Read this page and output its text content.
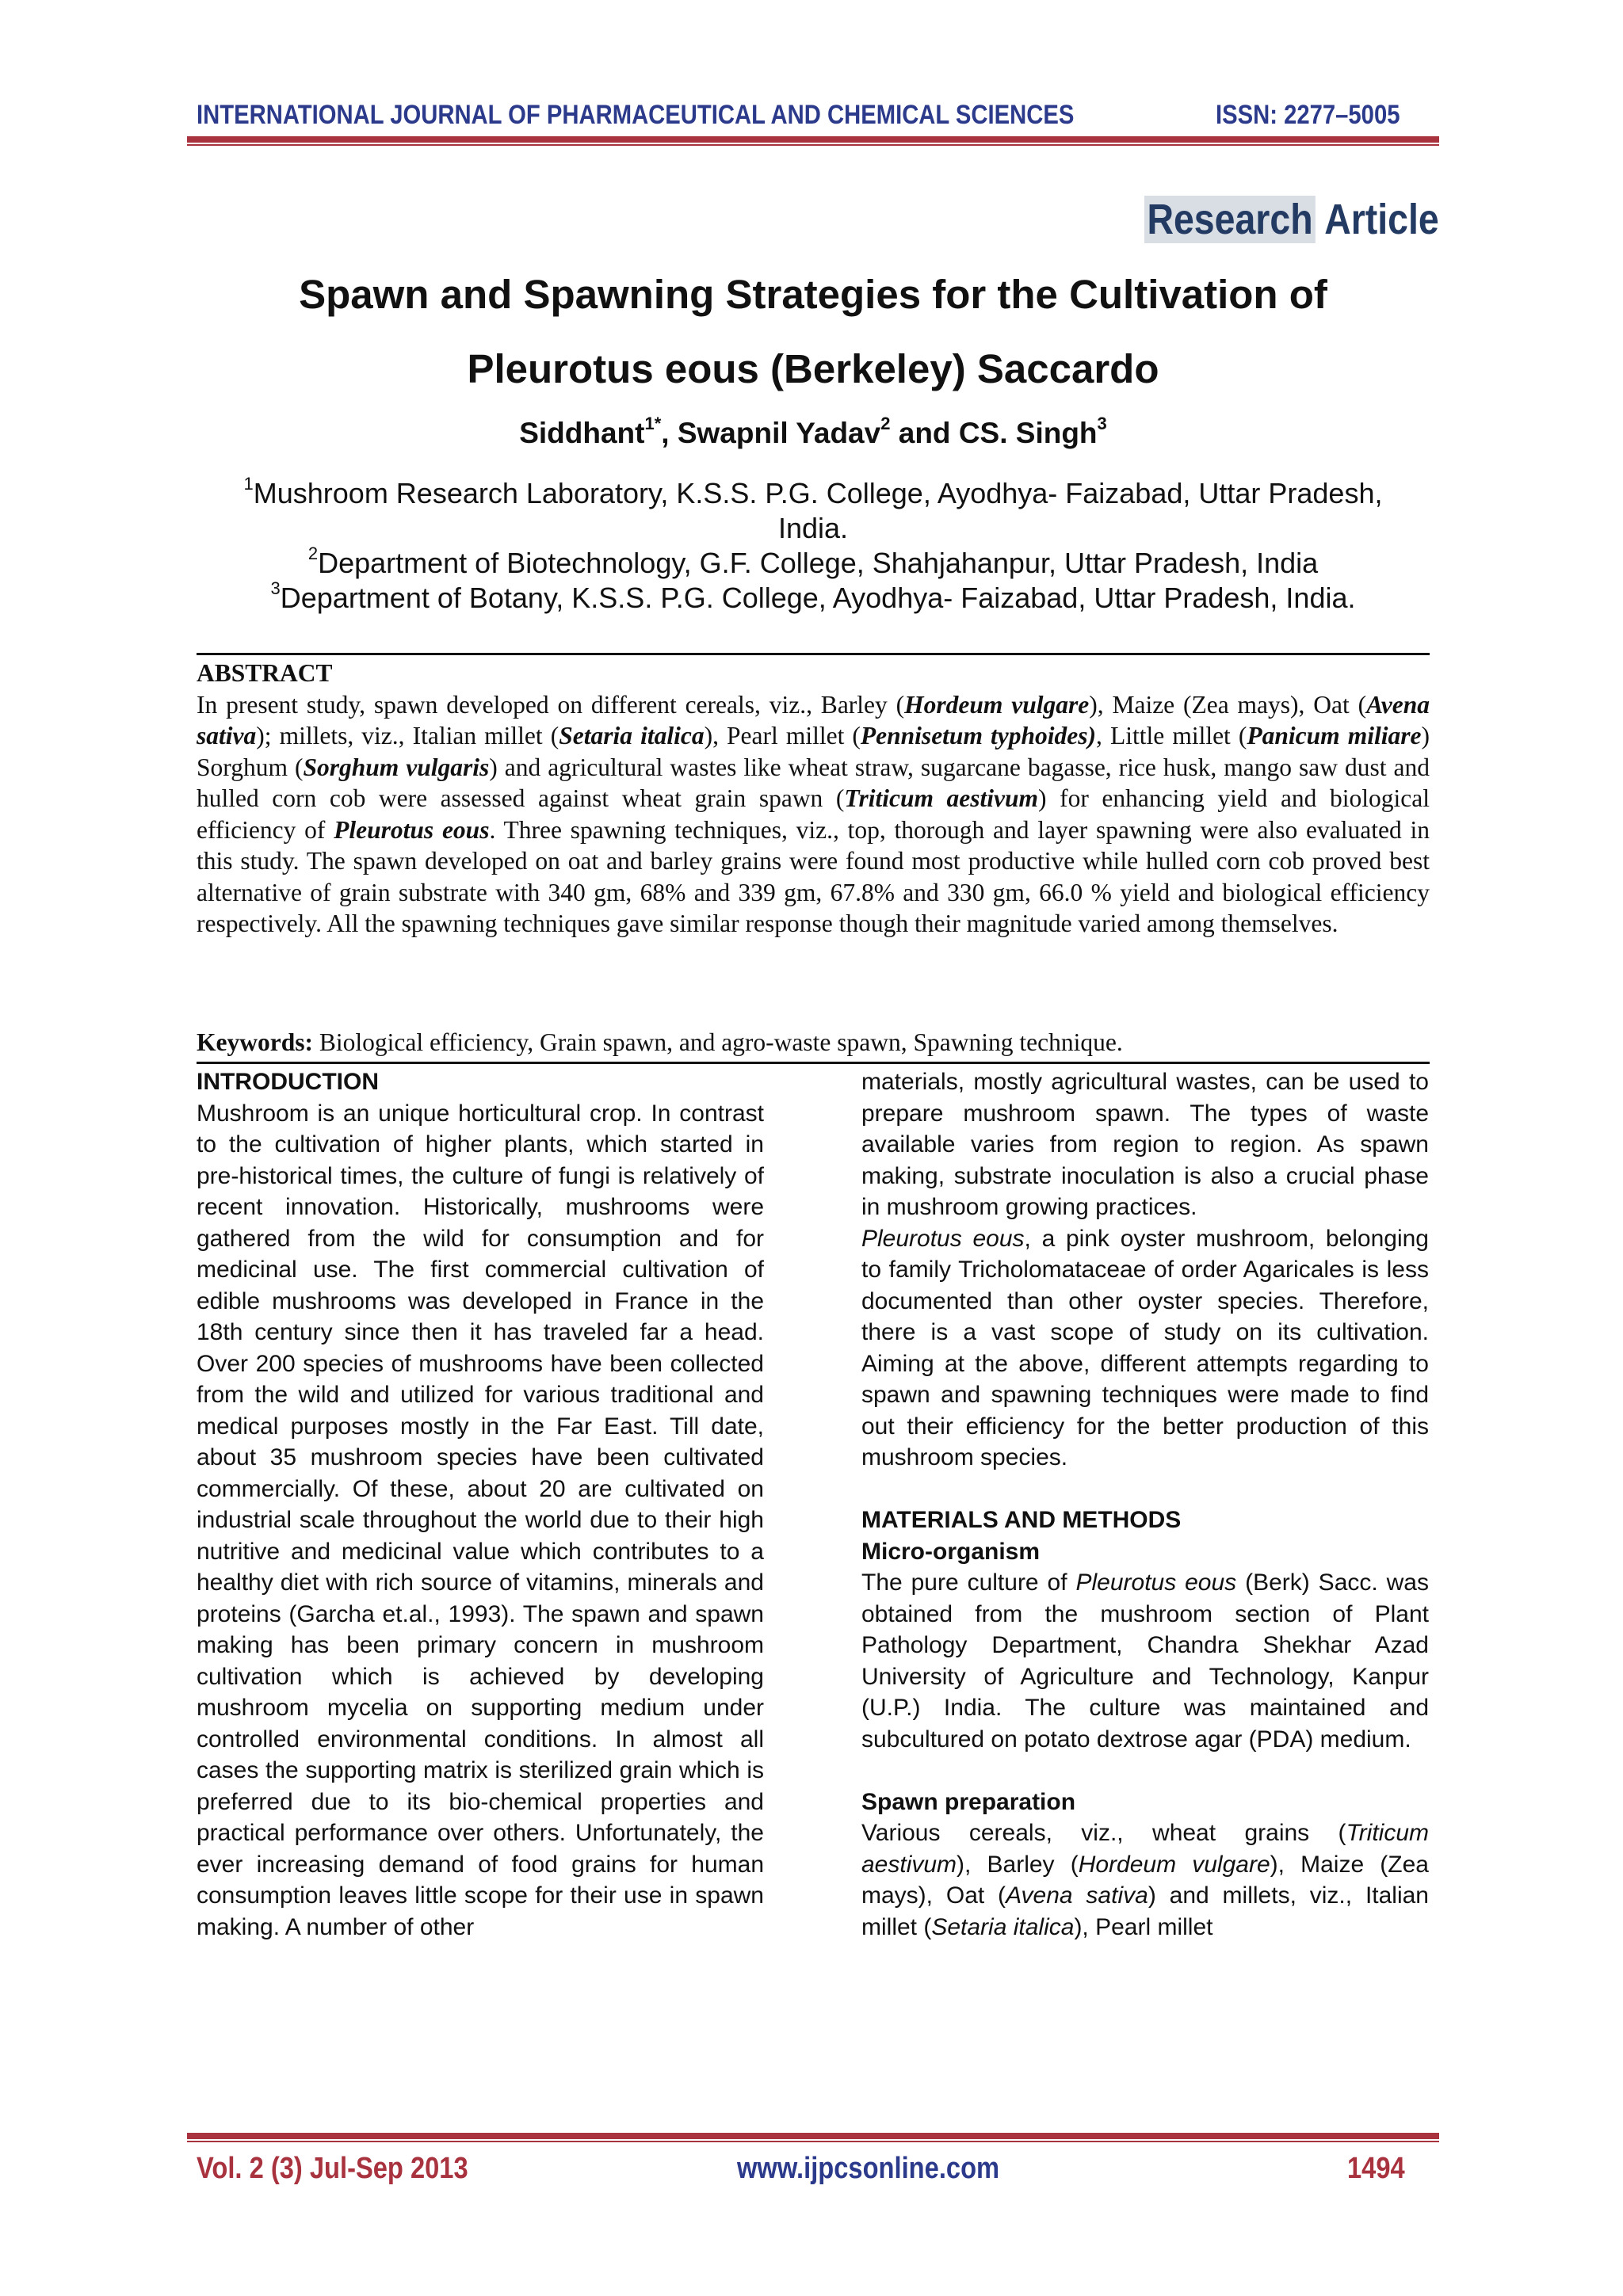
INTERNATIONAL JOURNAL OF PHARMACEUTICAL AND CHEMICAL SCIENCES	ISSN: 2277–5005
Research Article
Spawn and Spawning Strategies for the Cultivation of
Pleurotus eous (Berkeley) Saccardo
Siddhant$^{1*}$, Swapnil Yadav$^2$ and CS. Singh$^3$
$^1$Mushroom Research Laboratory, K.S.S. P.G. College, Ayodhya- Faizabad, Uttar Pradesh,
India.
$^2$Department of Biotechnology, G.F. College, Shahjahanpur, Uttar Pradesh, India
$^3$Department of Botany, K.S.S. P.G. College, Ayodhya- Faizabad, Uttar Pradesh, India.
ABSTRACT
In present study, spawn developed on different cereals, viz., Barley (Hordeum vulgare), Maize (Zea mays), Oat (Avena sativa); millets, viz., Italian millet (Setaria italica), Pearl millet (Pennisetum typhoides), Little millet (Panicum miliare) Sorghum (Sorghum vulgaris) and agricultural wastes like wheat straw, sugarcane bagasse, rice husk, mango saw dust and hulled corn cob were assessed against wheat grain spawn (Triticum aestivum) for enhancing yield and biological efficiency of Pleurotus eous. Three spawning techniques, viz., top, thorough and layer spawning were also evaluated in this study. The spawn developed on oat and barley grains were found most productive while hulled corn cob proved best alternative of grain substrate with 340 gm, 68% and 339 gm, 67.8% and 330 gm, 66.0 % yield and biological efficiency respectively. All the spawning techniques gave similar response though their magnitude varied among themselves.
Keywords: Biological efficiency, Grain spawn, and agro-waste spawn, Spawning technique.
INTRODUCTION

Mushroom is an unique horticultural crop. In contrast to the cultivation of higher plants, which started in pre-historical times, the culture of fungi is relatively of recent innovation. Historically, mushrooms were gathered from the wild for consumption and for medicinal use. The first commercial cultivation of edible mushrooms was developed in France in the 18th century since then it has traveled far a head. Over 200 species of mushrooms have been collected from the wild and utilized for various traditional and medical purposes mostly in the Far East. Till date, about 35 mushroom species have been cultivated commercially. Of these, about 20 are cultivated on industrial scale throughout the world due to their high nutritive and medicinal value which contributes to a healthy diet with rich source of vitamins, minerals and proteins (Garcha et.al., 1993). The spawn and spawn making has been primary concern in mushroom cultivation which is achieved by developing mushroom mycelia on supporting medium under controlled environmental conditions. In almost all cases the supporting matrix is sterilized grain which is preferred due to its bio-chemical properties and practical performance over others. Unfortunately, the ever increasing demand of food grains for human consumption leaves little scope for their use in spawn making. A number of other

materials, mostly agricultural wastes, can be used to prepare mushroom spawn. The types of waste available varies from region to region. As spawn making, substrate inoculation is also a crucial phase in mushroom growing practices.

Pleurotus eous, a pink oyster mushroom, belonging to family Tricholomataceae of order Agaricales is less documented than other oyster species. Therefore, there is a vast scope of study on its cultivation. Aiming at the above, different attempts regarding to spawn and spawning techniques were made to find out their efficiency for the better production of this mushroom species.

MATERIALS AND METHODS
Micro-organism

The pure culture of Pleurotus eous (Berk) Sacc. was obtained from the mushroom section of Plant Pathology Department, Chandra Shekhar Azad University of Agriculture and Technology, Kanpur (U.P.) India. The culture was maintained and subcultured on potato dextrose agar (PDA) medium.

Spawn preparation

Various cereals, viz., wheat grains (Triticum aestivum), Barley (Hordeum vulgare), Maize (Zea mays), Oat (Avena sativa) and millets, viz., Italian millet (Setaria italica), Pearl millet

Vol. 2 (3) Jul-Sep 2013	www.ijpcsonline.com	1494
